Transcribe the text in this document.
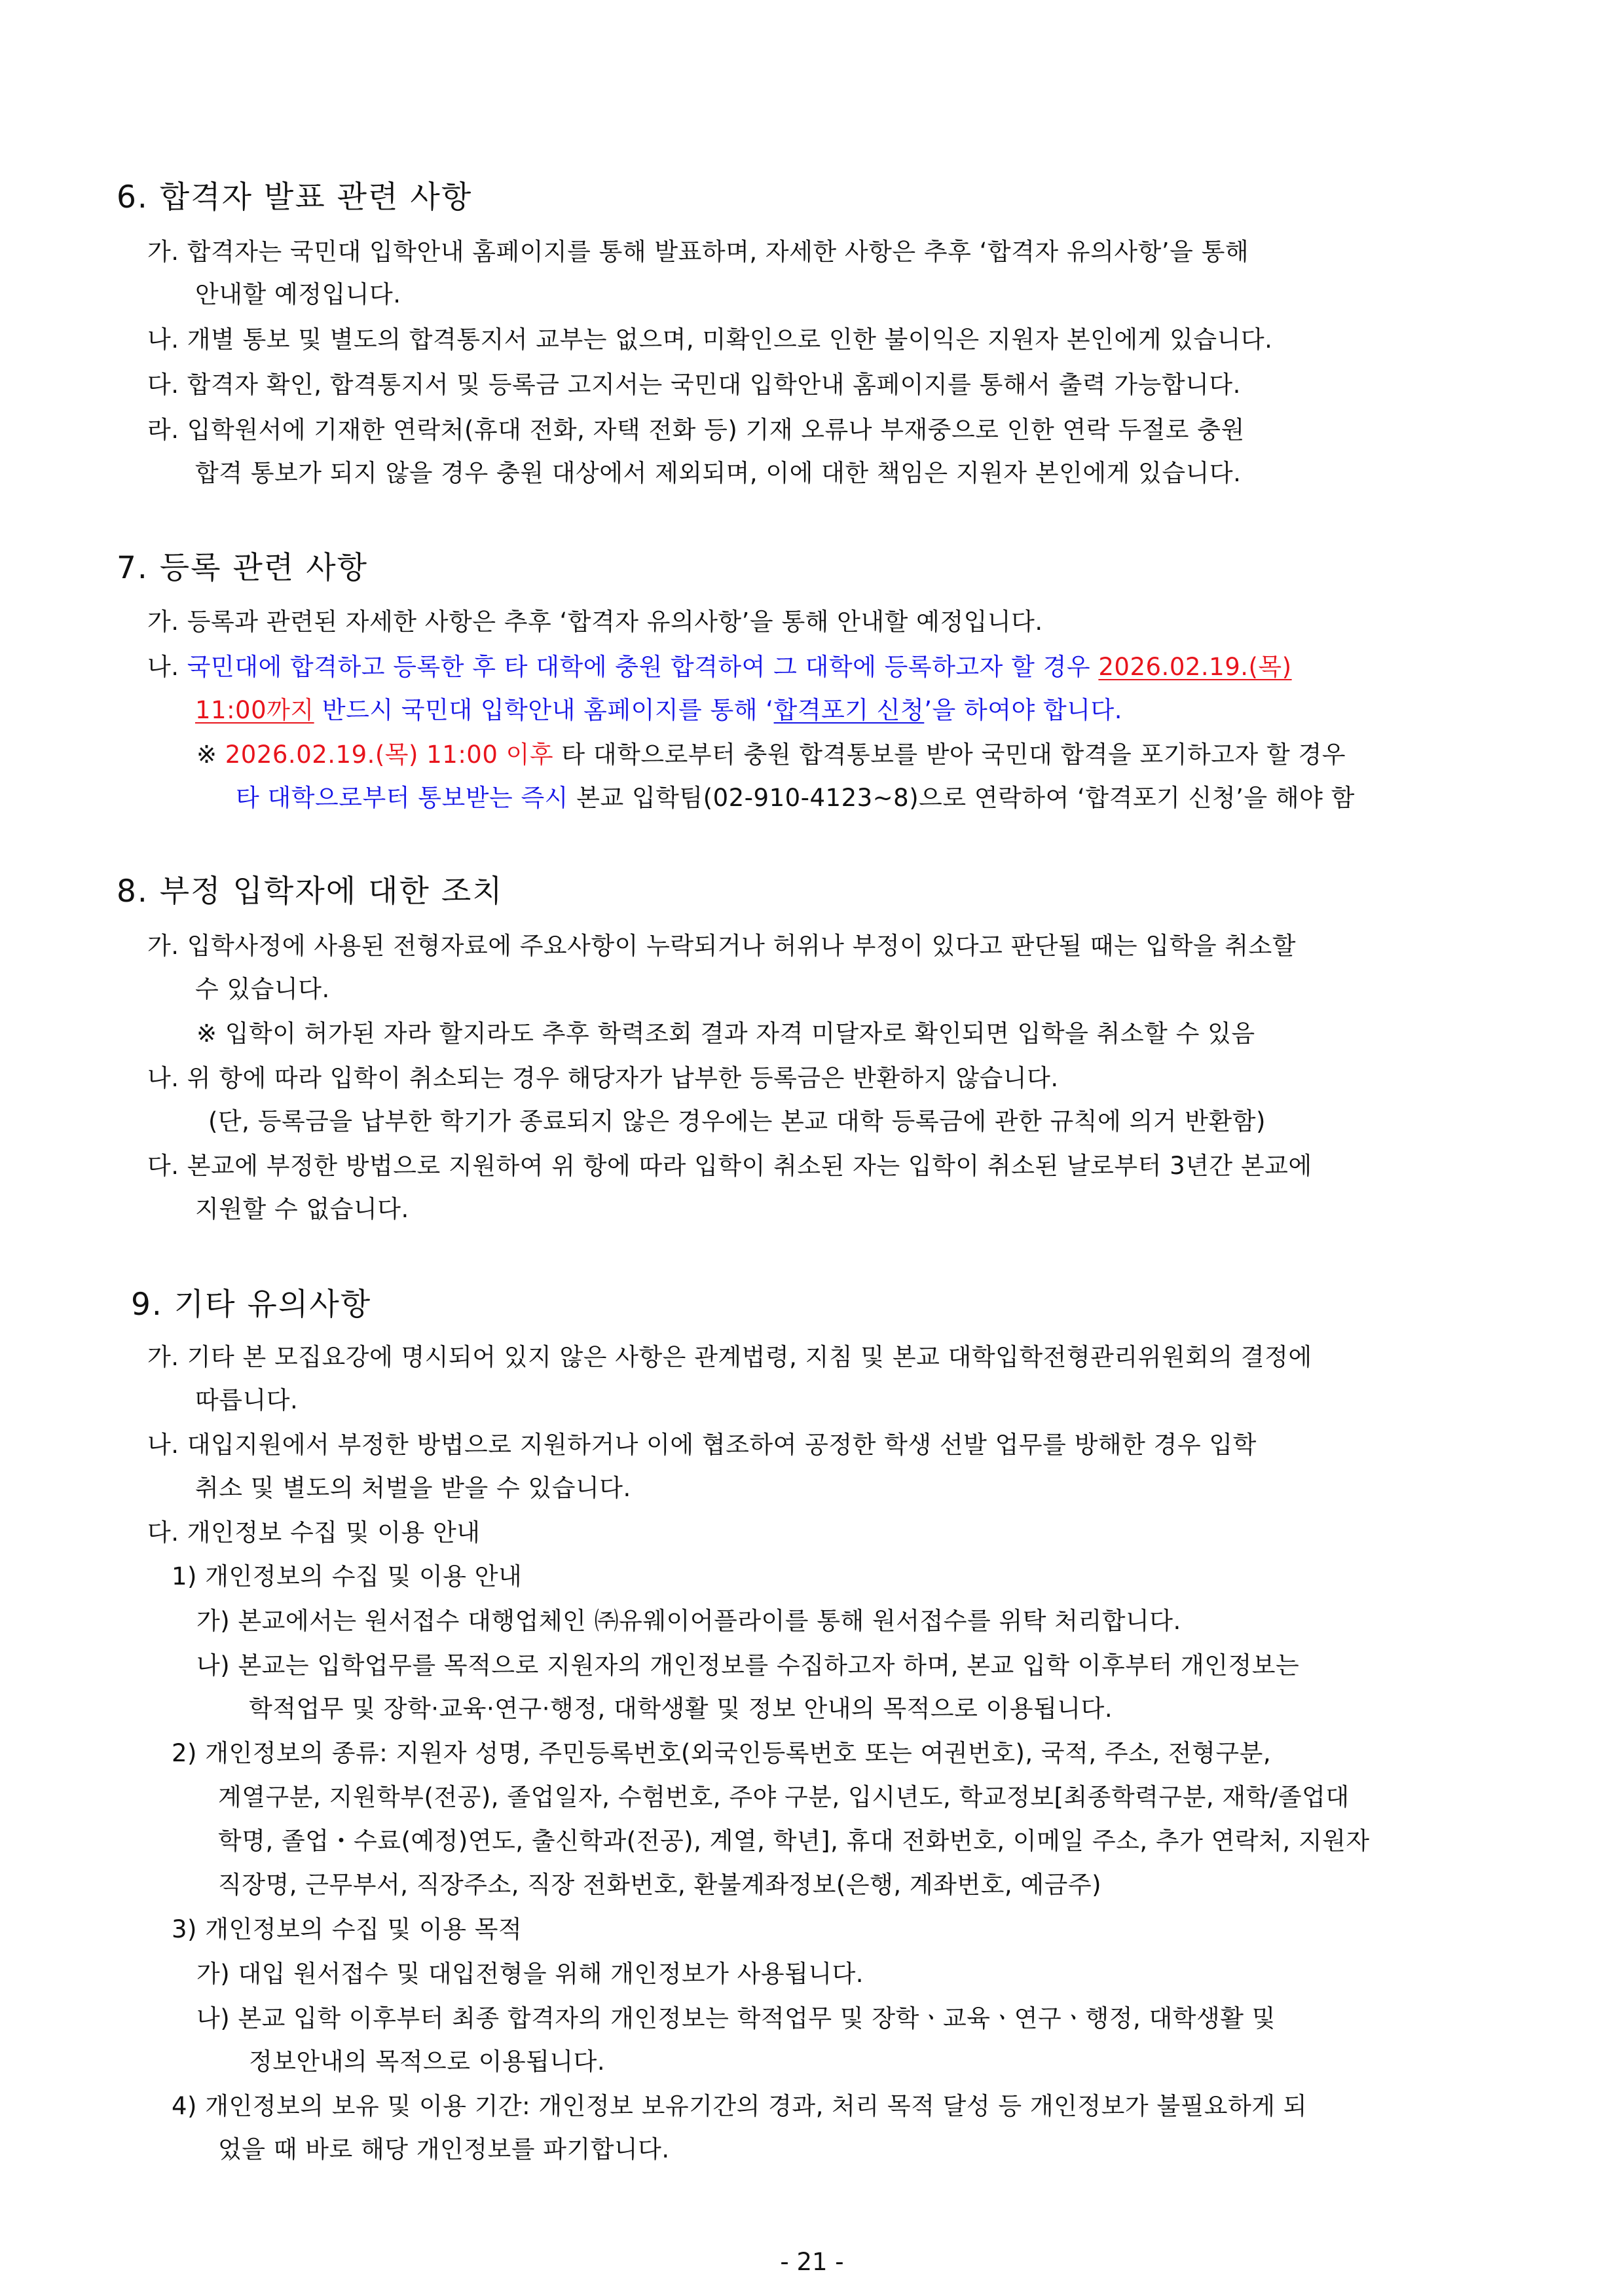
6. 합격자 발표 관련 사항
가. 합격자는 국민대 입학안내 홈페이지를 통해 발표하며, 자세한 사항은 추후 ‘합격자 유의사항’을 통해
안내할 예정입니다.
나. 개별 통보 및 별도의 합격통지서 교부는 없으며, 미확인으로 인한 불이익은 지원자 본인에게 있습니다.
다. 합격자 확인, 합격통지서 및 등록금 고지서는 국민대 입학안내 홈페이지를 통해서 출력 가능합니다.
라. 입학원서에 기재한 연락처(휴대 전화, 자택 전화 등) 기재 오류나 부재중으로 인한 연락 두절로 충원
합격 통보가 되지 않을 경우 충원 대상에서 제외되며, 이에 대한 책임은 지원자 본인에게 있습니다.
7. 등록 관련 사항
가. 등록과 관련된 자세한 사항은 추후 ‘합격자 유의사항’을 통해 안내할 예정입니다.
나. 국민대에 합격하고 등록한 후 타 대학에 충원 합격하여 그 대학에 등록하고자 할 경우 2026.02.19.(목)
11:00까지 반드시 국민대 입학안내 홈페이지를 통해 ‘합격포기 신청’을 하여야 합니다.
※ 2026.02.19.(목) 11:00 이후 타 대학으로부터 충원 합격통보를 받아 국민대 합격을 포기하고자 할 경우
타 대학으로부터 통보받는 즉시 본교 입학팀(02-910-4123~8)으로 연락하여 ‘합격포기 신청’을 해야 함
8. 부정 입학자에 대한 조치
가. 입학사정에 사용된 전형자료에 주요사항이 누락되거나 허위나 부정이 있다고 판단될 때는 입학을 취소할
수 있습니다.
※ 입학이 허가된 자라 할지라도 추후 학력조회 결과 자격 미달자로 확인되면 입학을 취소할 수 있음
나. 위 항에 따라 입학이 취소되는 경우 해당자가 납부한 등록금은 반환하지 않습니다.
(단, 등록금을 납부한 학기가 종료되지 않은 경우에는 본교 대학 등록금에 관한 규칙에 의거 반환함)
다. 본교에 부정한 방법으로 지원하여 위 항에 따라 입학이 취소된 자는 입학이 취소된 날로부터 3년간 본교에
지원할 수 없습니다.
9. 기타 유의사항
가. 기타 본 모집요강에 명시되어 있지 않은 사항은 관계법령, 지침 및 본교 대학입학전형관리위원회의 결정에
따릅니다.
나. 대입지원에서 부정한 방법으로 지원하거나 이에 협조하여 공정한 학생 선발 업무를 방해한 경우 입학
취소 및 별도의 처벌을 받을 수 있습니다.
다. 개인정보 수집 및 이용 안내
1) 개인정보의 수집 및 이용 안내
가) 본교에서는 원서접수 대행업체인 ㈜유웨이어플라이를 통해 원서접수를 위탁 처리합니다.
나) 본교는 입학업무를 목적으로 지원자의 개인정보를 수집하고자 하며, 본교 입학 이후부터 개인정보는
학적업무 및 장학·교육·연구·행정, 대학생활 및 정보 안내의 목적으로 이용됩니다.
2) 개인정보의 종류: 지원자 성명, 주민등록번호(외국인등록번호 또는 여권번호), 국적, 주소, 전형구분,
계열구분, 지원학부(전공), 졸업일자, 수험번호, 주야 구분, 입시년도, 학교정보[최종학력구분, 재학/졸업대
학명, 졸업・수료(예정)연도, 출신학과(전공), 계열, 학년], 휴대 전화번호, 이메일 주소, 추가 연락처, 지원자
직장명, 근무부서, 직장주소, 직장 전화번호, 환불계좌정보(은행, 계좌번호, 예금주)
3) 개인정보의 수집 및 이용 목적
가) 대입 원서접수 및 대입전형을 위해 개인정보가 사용됩니다.
나) 본교 입학 이후부터 최종 합격자의 개인정보는 학적업무 및 장학ㆍ교육ㆍ연구ㆍ행정, 대학생활 및
정보안내의 목적으로 이용됩니다.
4) 개인정보의 보유 및 이용 기간: 개인정보 보유기간의 경과, 처리 목적 달성 등 개인정보가 불필요하게 되
었을 때 바로 해당 개인정보를 파기합니다.
- 21 -
